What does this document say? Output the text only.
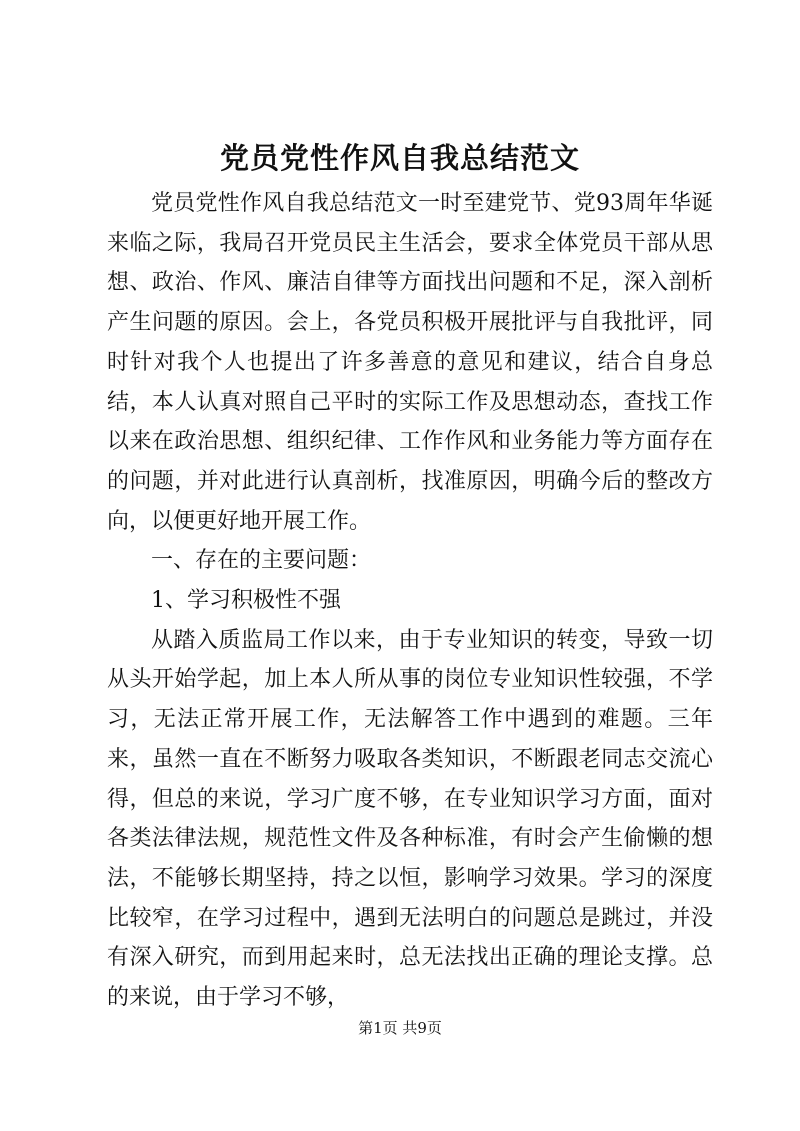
党员党性作风自我总结范文

党员党性作风自我总结范文一时至建党节、党93周年华诞来临之际，我局召开党员民主生活会，要求全体党员干部从思想、政治、作风、廉洁自律等方面找出问题和不足，深入剖析产生问题的原因。会上，各党员积极开展批评与自我批评，同时针对我个人也提出了许多善意的意见和建议，结合自身总结，本人认真对照自己平时的实际工作及思想动态，查找工作以来在政治思想、组织纪律、工作作风和业务能力等方面存在的问题，并对此进行认真剖析，找准原因，明确今后的整改方向，以便更好地开展工作。

一、存在的主要问题：

1、学习积极性不强

从踏入质监局工作以来，由于专业知识的转变，导致一切从头开始学起，加上本人所从事的岗位专业知识性较强，不学习，无法正常开展工作，无法解答工作中遇到的难题。三年来，虽然一直在不断努力吸取各类知识，不断跟老同志交流心得，但总的来说，学习广度不够，在专业知识学习方面，面对各类法律法规，规范性文件及各种标准，有时会产生偷懒的想法，不能够长期坚持，持之以恒，影响学习效果。学习的深度比较窄，在学习过程中，遇到无法明白的问题总是跳过，并没有深入研究，而到用起来时，总无法找出正确的理论支撑。总的来说，由于学习不够，

第1页 共9页
